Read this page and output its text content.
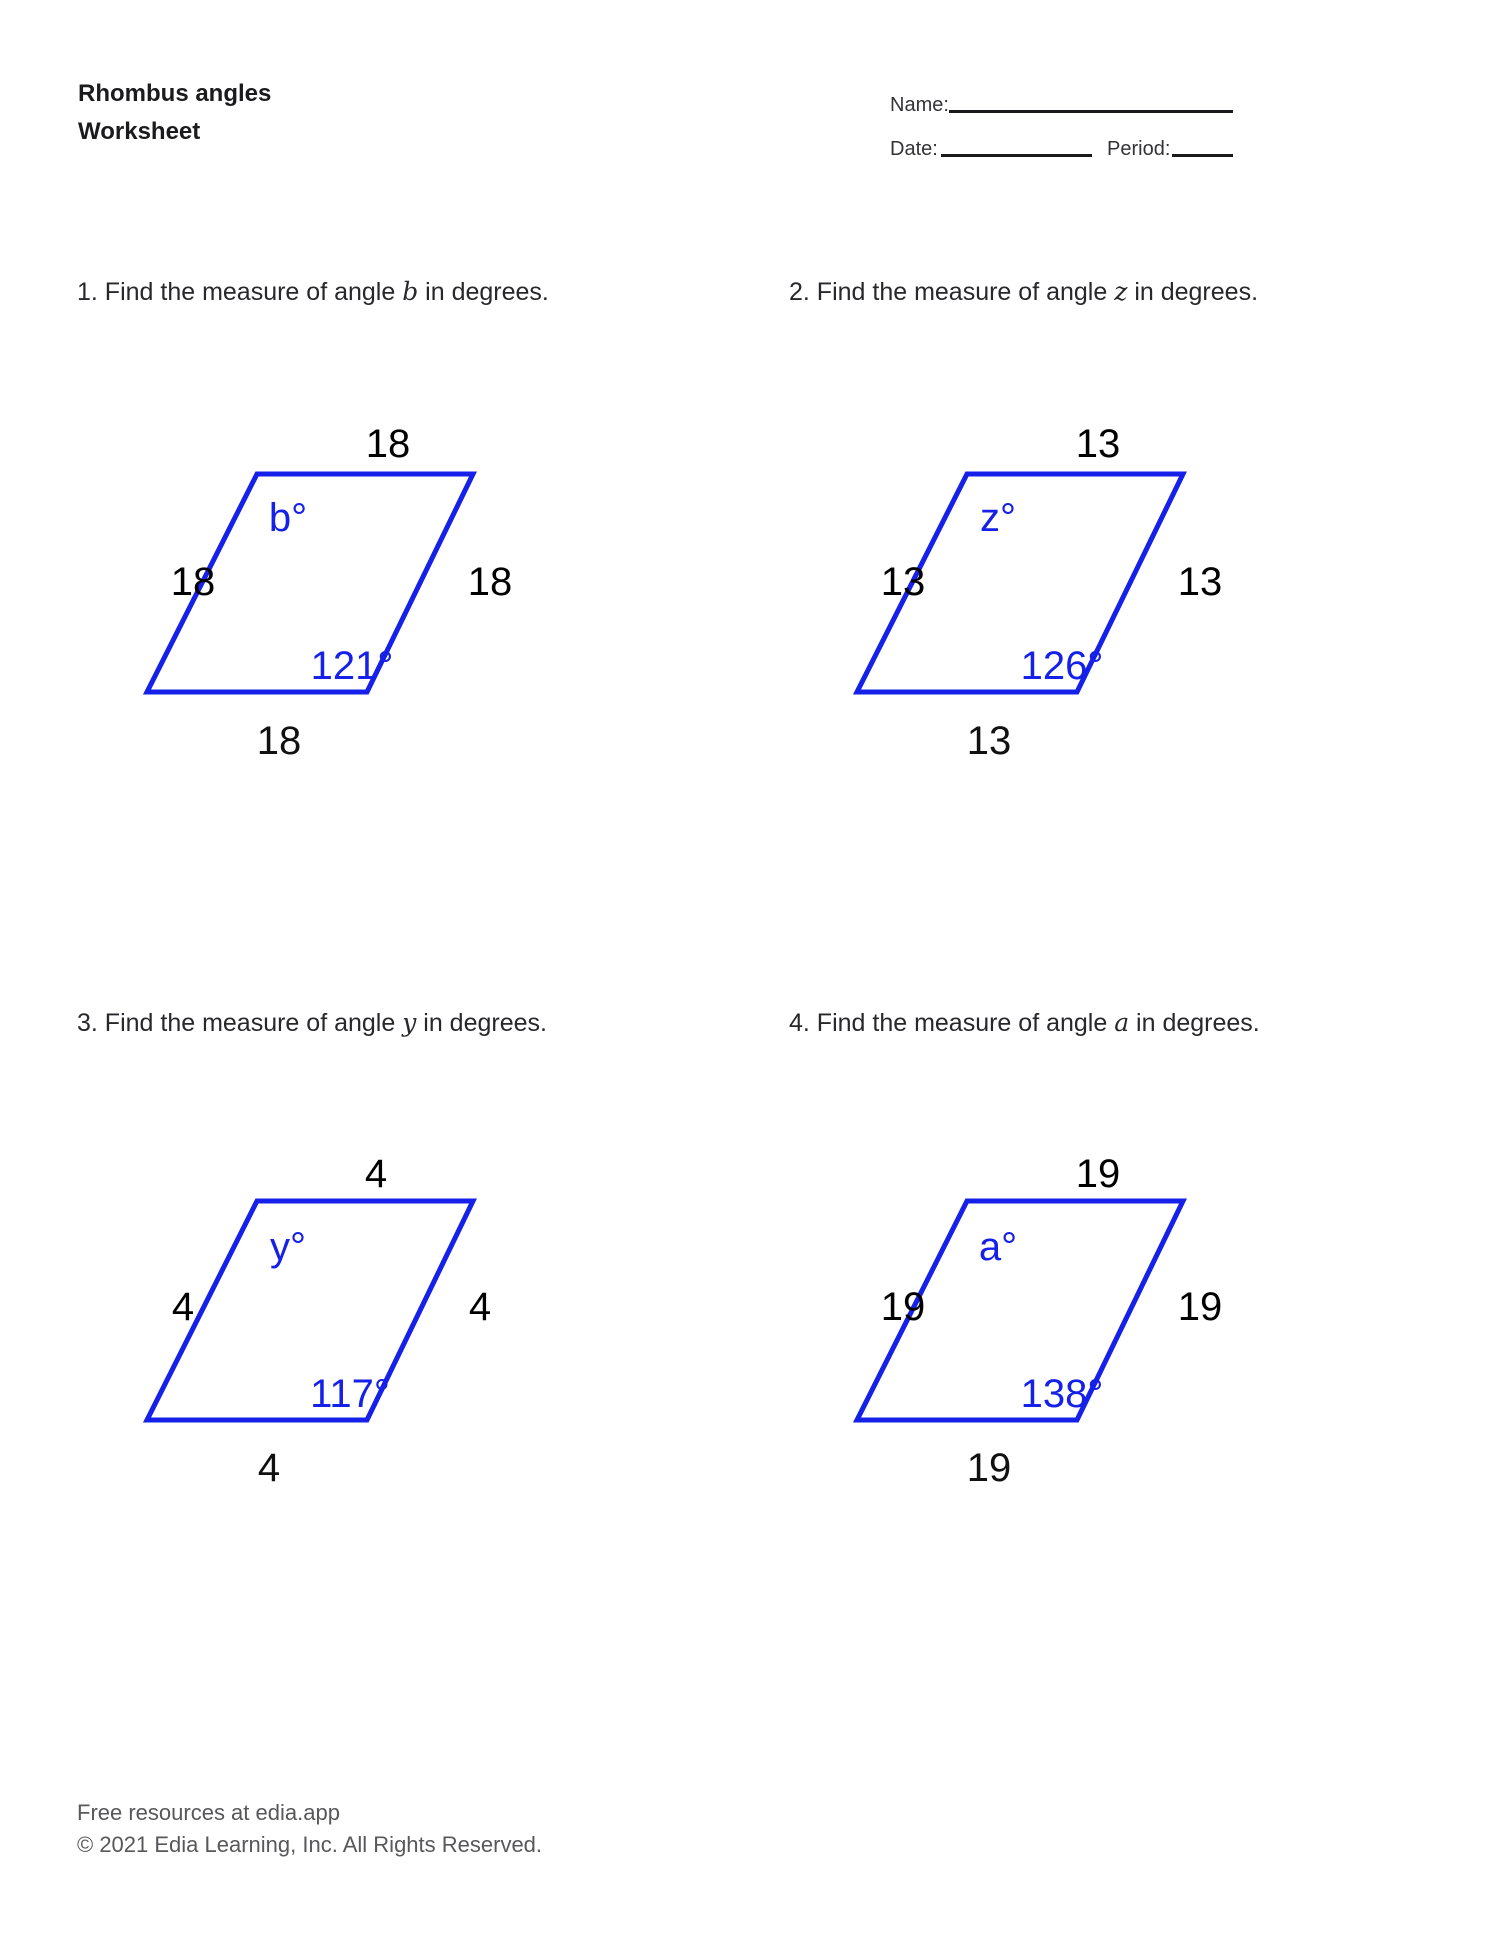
Rhombus angles
Worksheet
Name:
Date:	Period:
1. Find the measure of angle b in degrees.
18
18	18
18
b°
121°
2. Find the measure of angle z in degrees.
13
13	13
13
z°
126°
3. Find the measure of angle y in degrees.
4
4	4
4
y°
117°
4. Find the measure of angle a in degrees.
19
19	19
19
a°
138°
Free resources at edia.app
© 2021 Edia Learning, Inc. All Rights Reserved.
